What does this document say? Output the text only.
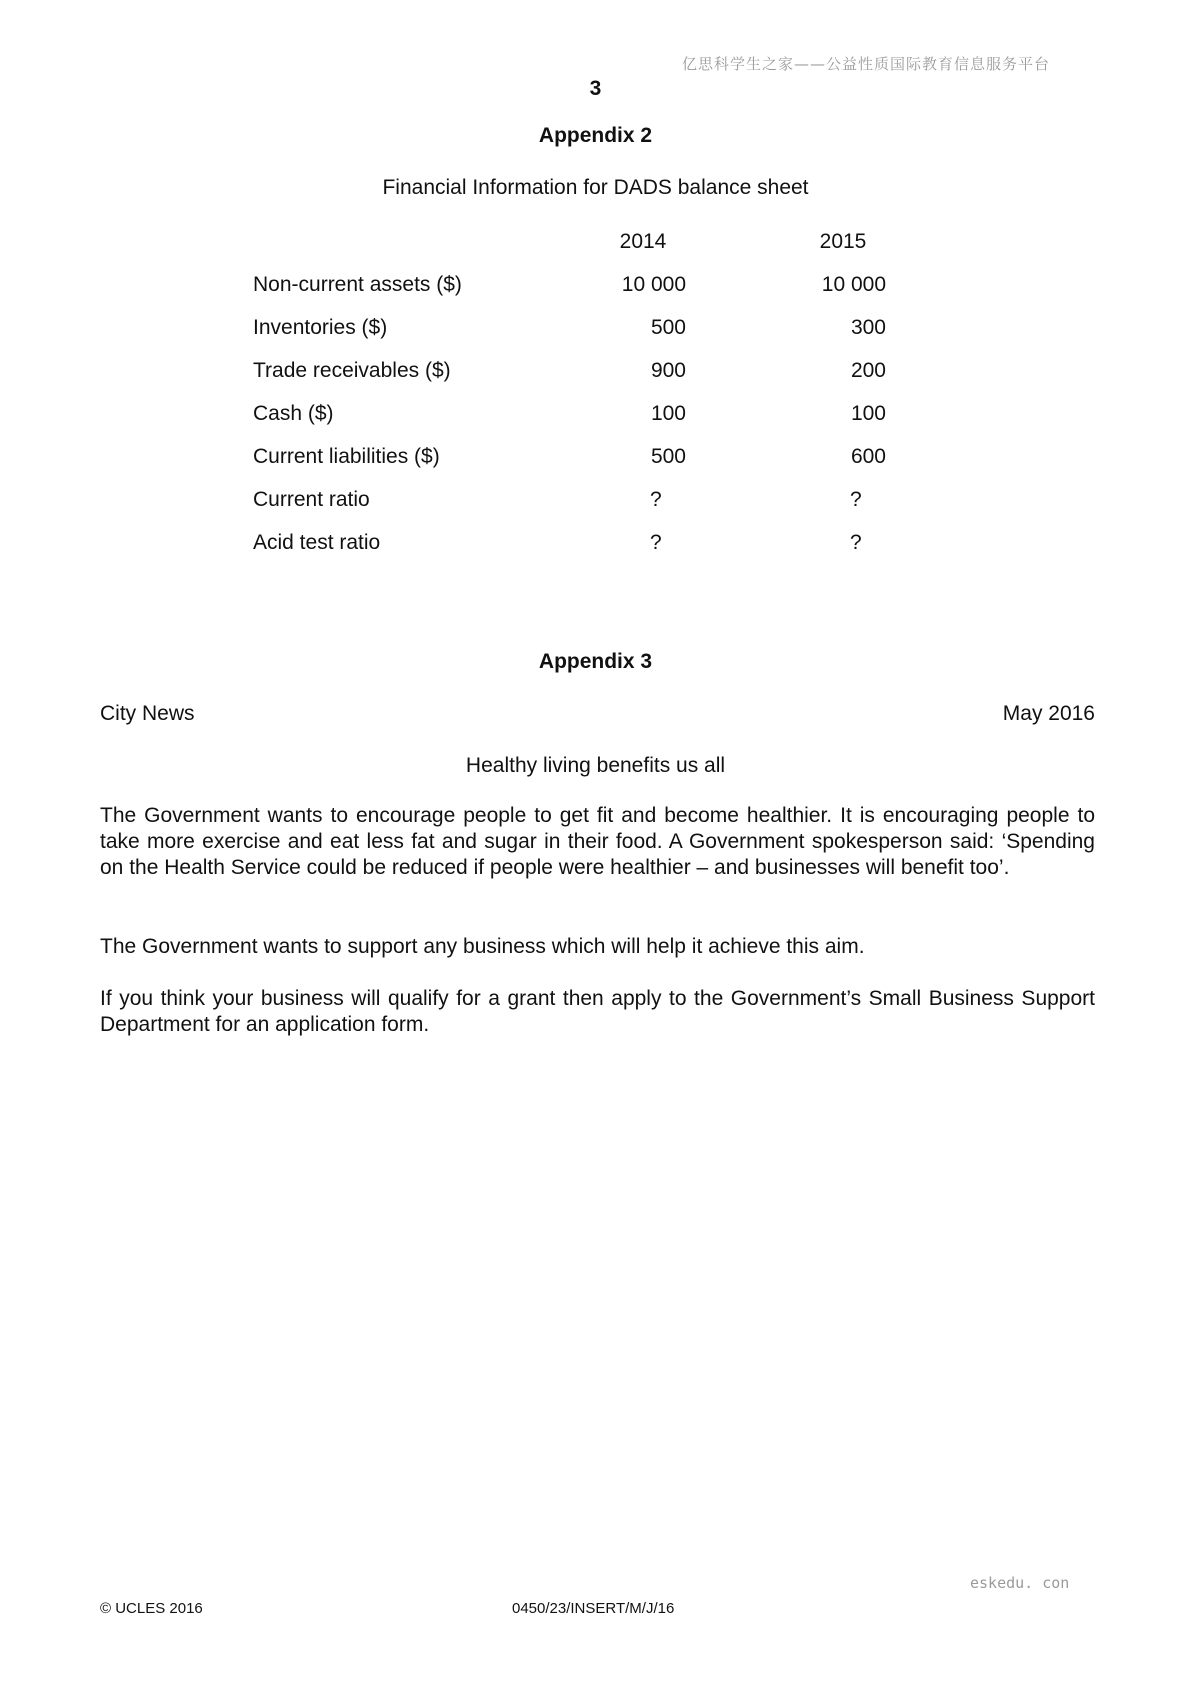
亿思科学生之家——公益性质国际教育信息服务平台
3
Appendix 2
Financial Information for DADS balance sheet
2014	2015
Non-current assets ($)	10 000	10 000
Inventories ($)	500	300
Trade receivables ($)	900	200
Cash ($)	100	100
Current liabilities ($)	500	600
Current ratio	?	?
Acid test ratio	?	?
Appendix 3
City News	May 2016
Healthy living benefits us all

The Government wants to encourage people to get fit and become healthier. It is encouraging people to take more exercise and eat less fat and sugar in their food. A Government spokesperson said: ‘Spending on the Health Service could be reduced if people were healthier – and businesses will benefit too’.

The Government wants to support any business which will help it achieve this aim.

If you think your business will qualify for a grant then apply to the Government’s Small Business Support Department for an application form.

eskedu. con
© UCLES 2016	0450/23/INSERT/M/J/16
